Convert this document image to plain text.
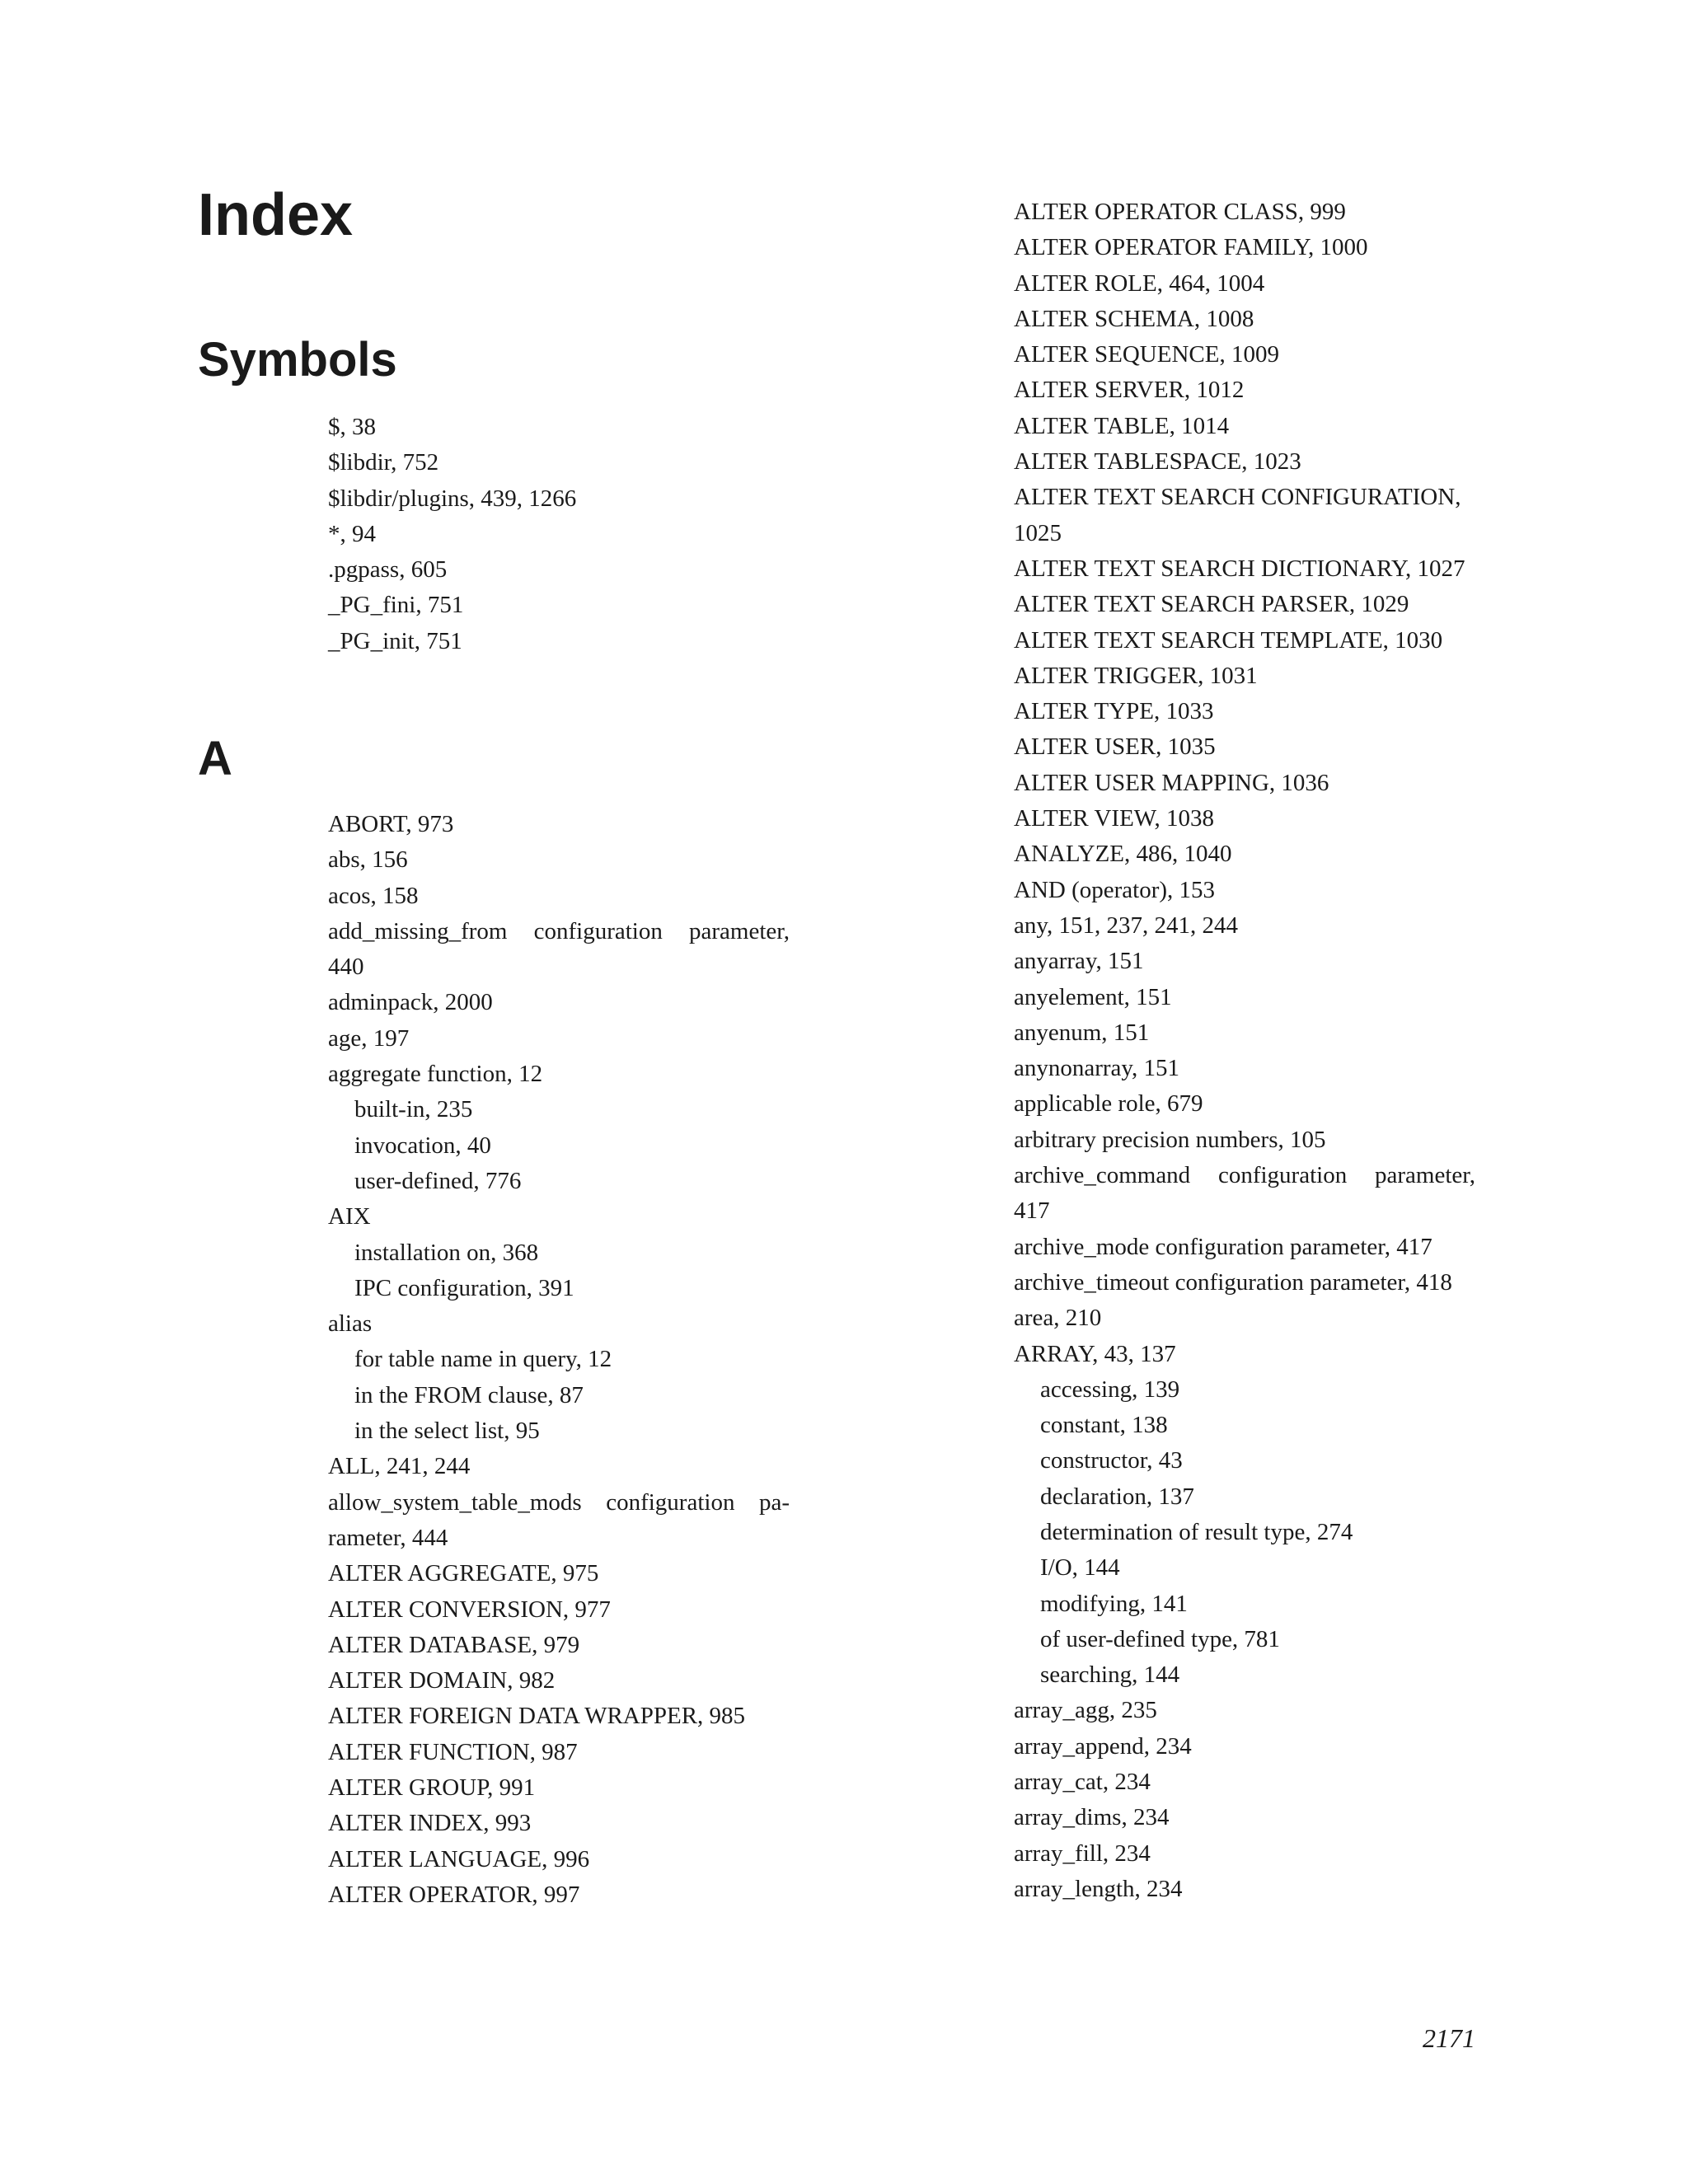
Index
Symbols
$, 38
$libdir, 752
$libdir/plugins, 439, 1266
*, 94
.pgpass, 605
_PG_fini, 751
_PG_init, 751
A
ABORT, 973
abs, 156
acos, 158
add_missing_from configuration parameter,
440
adminpack, 2000
age, 197
aggregate function, 12
built-in, 235
invocation, 40
user-defined, 776
AIX
installation on, 368
IPC configuration, 391
alias
for table name in query, 12
in the FROM clause, 87
in the select list, 95
ALL, 241, 244
allow_system_table_mods configuration pa-
rameter, 444
ALTER AGGREGATE, 975
ALTER CONVERSION, 977
ALTER DATABASE, 979
ALTER DOMAIN, 982
ALTER FOREIGN DATA WRAPPER, 985
ALTER FUNCTION, 987
ALTER GROUP, 991
ALTER INDEX, 993
ALTER LANGUAGE, 996
ALTER OPERATOR, 997
ALTER OPERATOR CLASS, 999
ALTER OPERATOR FAMILY, 1000
ALTER ROLE, 464, 1004
ALTER SCHEMA, 1008
ALTER SEQUENCE, 1009
ALTER SERVER, 1012
ALTER TABLE, 1014
ALTER TABLESPACE, 1023
ALTER TEXT SEARCH CONFIGURATION,
1025
ALTER TEXT SEARCH DICTIONARY, 1027
ALTER TEXT SEARCH PARSER, 1029
ALTER TEXT SEARCH TEMPLATE, 1030
ALTER TRIGGER, 1031
ALTER TYPE, 1033
ALTER USER, 1035
ALTER USER MAPPING, 1036
ALTER VIEW, 1038
ANALYZE, 486, 1040
AND (operator), 153
any, 151, 237, 241, 244
anyarray, 151
anyelement, 151
anyenum, 151
anynonarray, 151
applicable role, 679
arbitrary precision numbers, 105
archive_command configuration parameter,
417
archive_mode configuration parameter, 417
archive_timeout configuration parameter, 418
area, 210
ARRAY, 43, 137
accessing, 139
constant, 138
constructor, 43
declaration, 137
determination of result type, 274
I/O, 144
modifying, 141
of user-defined type, 781
searching, 144
array_agg, 235
array_append, 234
array_cat, 234
array_dims, 234
array_fill, 234
array_length, 234
2171
